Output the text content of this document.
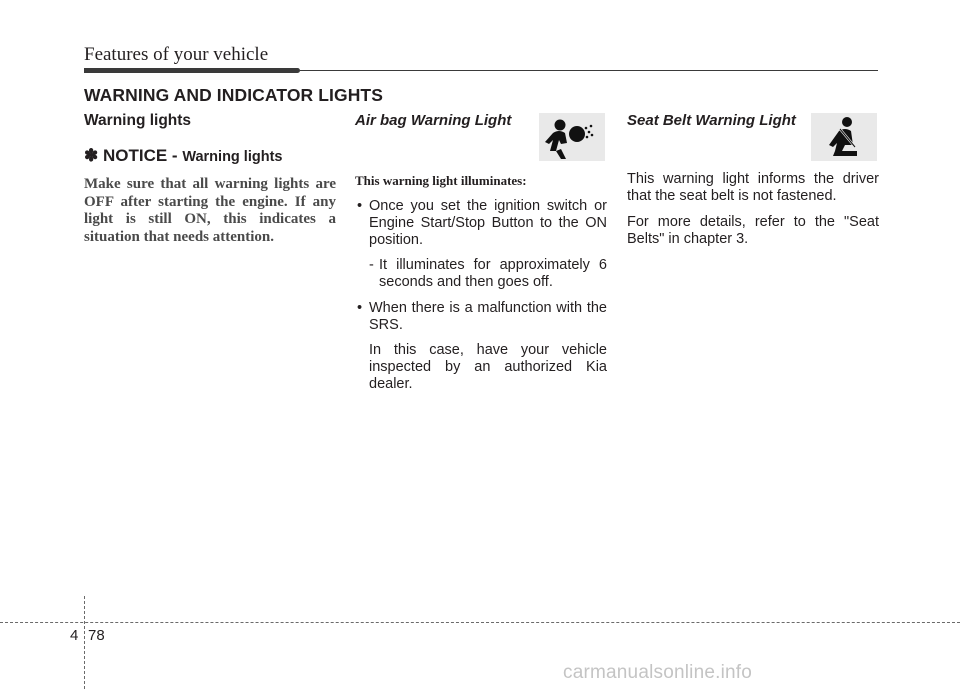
Features of your vehicle
WARNING AND INDICATOR LIGHTS
Warning lights
✽ NOTICE - Warning lights
Make sure that all warning lights are OFF after starting the engine. If any light is still ON, this indicates a situation that needs attention.
Air bag Warning Light
This warning light illuminates:
• Once you set the ignition switch or Engine Start/Stop Button to the ON position.
- It illuminates for approximately 6 seconds and then goes off.
• When there is a malfunction with the SRS.
In this case, have your vehicle inspected by an authorized Kia dealer.
Seat Belt Warning Light
This warning light informs the driver that the seat belt is not fastened.
For more details, refer to the "Seat Belts" in chapter 3.
4 78
carmanualsonline.info
